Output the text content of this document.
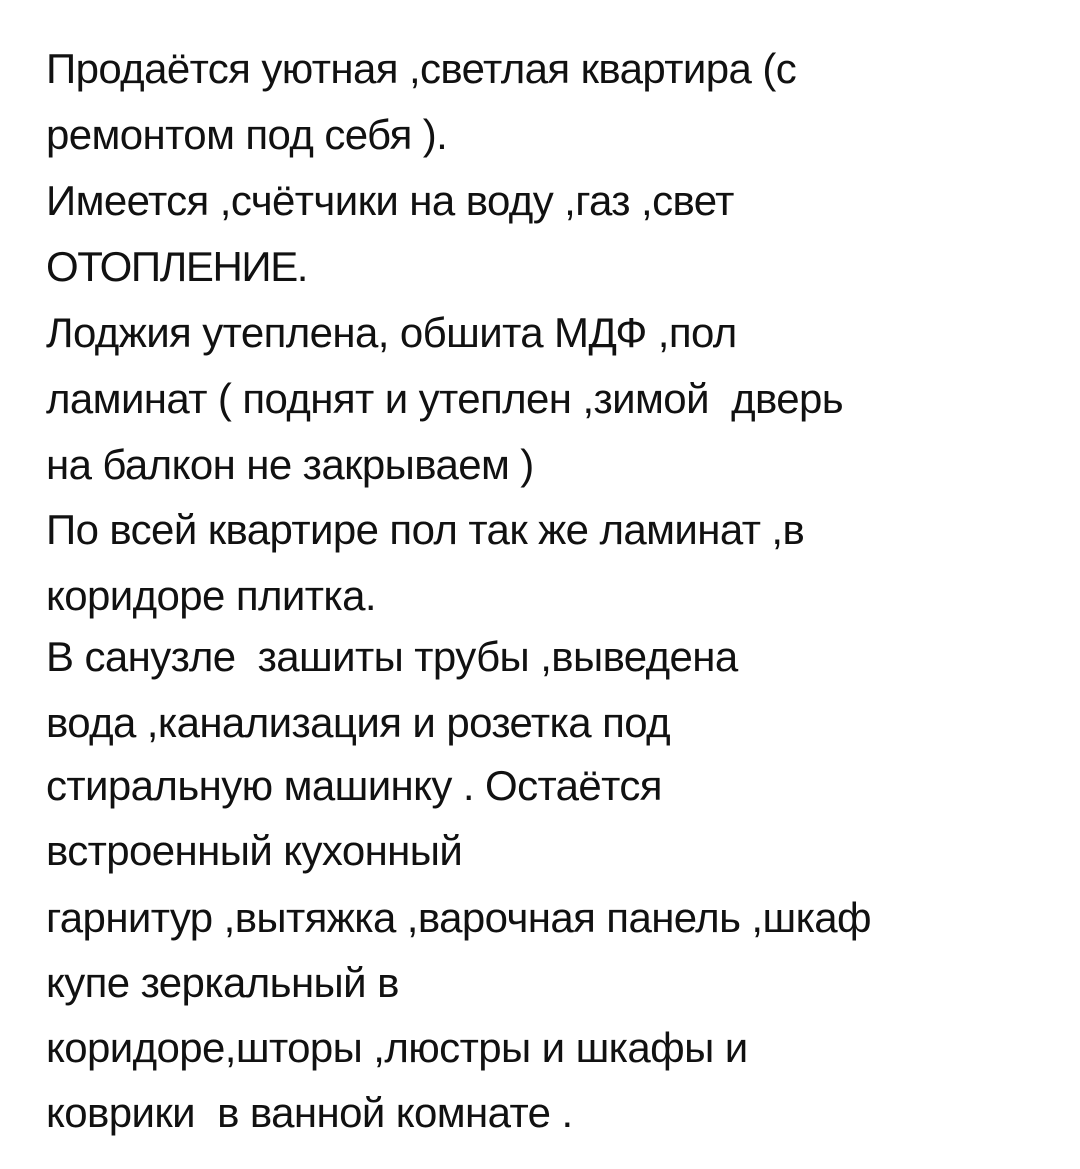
Продаётся уютная ,светлая квартира (с
ремонтом под себя ).
Имеется ,счётчики на воду ,газ ,свет
ОТОПЛЕНИЕ.
Лоджия утеплена, обшита МДФ ,пол
ламинат ( поднят и утеплен ,зимой  дверь
на балкон не закрываем )
По всей квартире пол так же ламинат ,в
коридоре плитка.
В санузле  зашиты трубы ,выведена
вода ,канализация и розетка под
стиральную машинку . Остаётся
встроенный кухонный
гарнитур ,вытяжка ,варочная панель ,шкаф
купе зеркальный в
коридоре,шторы ,люстры и шкафы и
коврики  в ванной комнате .
